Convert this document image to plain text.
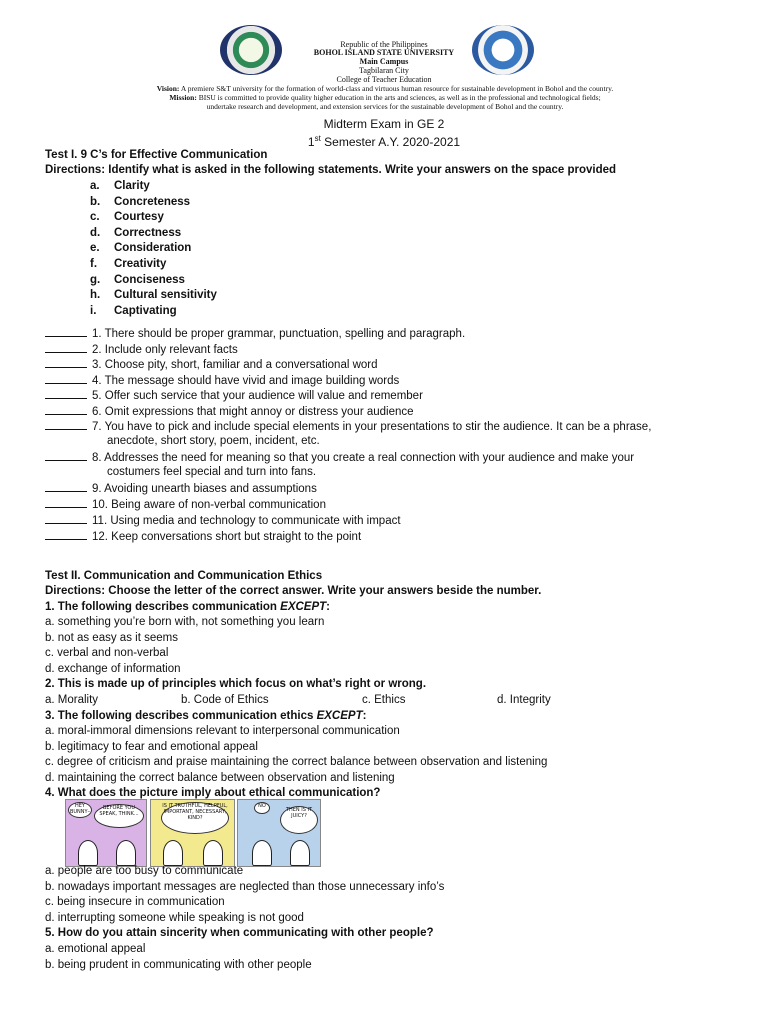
Republic of the Philippines
BOHOL ISLAND STATE UNIVERSITY
Main Campus
Tagbilaran City
College of Teacher Education
Vision: A premiere S&T university for the formation of world-class and virtuous human resource for sustainable development in Bohol and the country.
Mission: BISU is committed to provide quality higher education in the arts and sciences, as well as in the professional and technological fields;
undertake research and development, and extension services for the sustainable development of Bohol and the country.
Midterm Exam in GE 2
1st Semester A.Y. 2020-2021
Test I. 9 C’s for Effective Communication
Directions: Identify what is asked in the following statements. Write your answers on the space provided
a. Clarity
b. Concreteness
c. Courtesy
d. Correctness
e. Consideration
f. Creativity
g. Conciseness
h. Cultural sensitivity
i. Captivating
1. There should be proper grammar, punctuation, spelling and paragraph.
2. Include only relevant facts
3. Choose pity, short, familiar and a conversational word
4. The message should have vivid and image building words
5. Offer such service that your audience will value and remember
6. Omit expressions that might annoy or distress your audience
7. You have to pick and include special elements in your presentations to stir the audience. It can be a phrase,
anecdote, short story, poem, incident, etc.
8. Addresses the need for meaning so that you create a real connection with your audience and make your
costumers feel special and turn into fans.
9. Avoiding unearth biases and assumptions
10. Being aware of non-verbal communication
11. Using media and technology to communicate with impact
12. Keep conversations short but straight to the point
Test II. Communication and Communication Ethics
Directions: Choose the letter of the correct answer. Write your answers beside the number.
1. The following describes communication EXCEPT:
a. something you’re born with, not something you learn
b. not as easy as it seems
c. verbal and non-verbal
d. exchange of information
2. This is made up of principles which focus on what’s right or wrong.
a. Morality	b. Code of Ethics	c. Ethics	d. Integrity
3. The following describes communication ethics EXCEPT:
a. moral-immoral dimensions relevant to interpersonal communication
b. legitimacy to fear and emotional appeal
c. degree of criticism and praise maintaining the correct balance between observation and listening
d. maintaining the correct balance between observation and listening
4. What does the picture imply about ethical communication?
HEY BUNNY–
BEFORE YOU SPEAK, THINK...
IS IT TRUTHFUL, HELPFUL, IMPORTANT, NECESSARY, KIND?
NO
THEN IS IT JUICY?
a. people are too busy to communicate
b. nowadays important messages are neglected than those unnecessary info’s
c. being insecure in communication
d. interrupting someone while speaking is not good
5. How do you attain sincerity when communicating with other people?
a. emotional appeal
b. being prudent in communicating with other people
